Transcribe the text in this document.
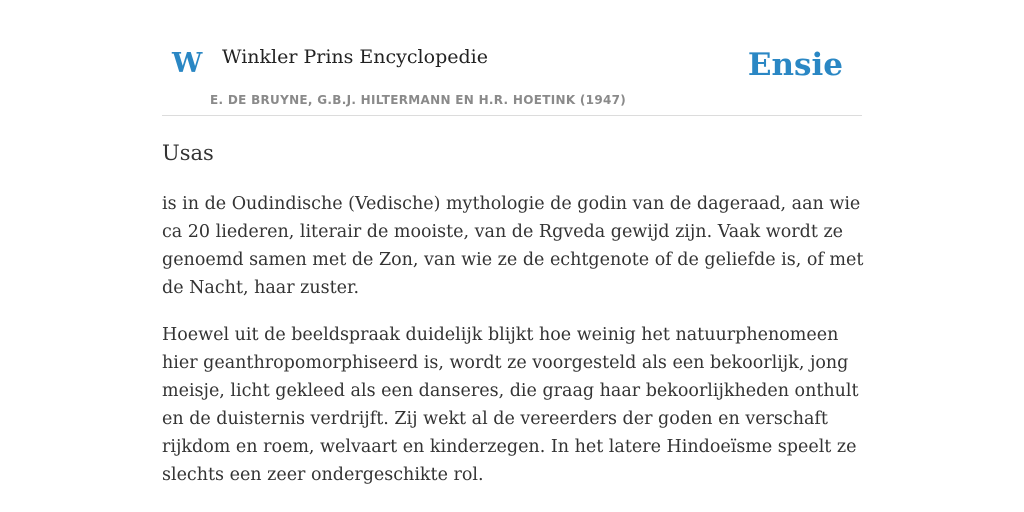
W Winkler Prins Encyclopedie
E. DE BRUYNE, G.B.J. HILTERMANN EN H.R. HOETINK (1947)
Ensie
Usas

is in de Oudindische (Vedische) mythologie de godin van de dageraad, aan wie ca 20 liederen, literair de mooiste, van de Rgveda gewijd zijn. Vaak wordt ze genoemd samen met de Zon, van wie ze de echtgenote of de geliefde is, of met de Nacht, haar zuster.

Hoewel uit de beeldspraak duidelijk blijkt hoe weinig het natuurphenomeen hier geanthropomorphiseerd is, wordt ze voorgesteld als een bekoorlijk, jong meisje, licht gekleed als een danseres, die graag haar bekoorlijkheden onthult en de duisternis verdrijft. Zij wekt al de vereerders der goden en verschaft rijkdom en roem, welvaart en kinderzegen. In het latere Hindoeïsme speelt ze slechts een zeer ondergeschikte rol.
